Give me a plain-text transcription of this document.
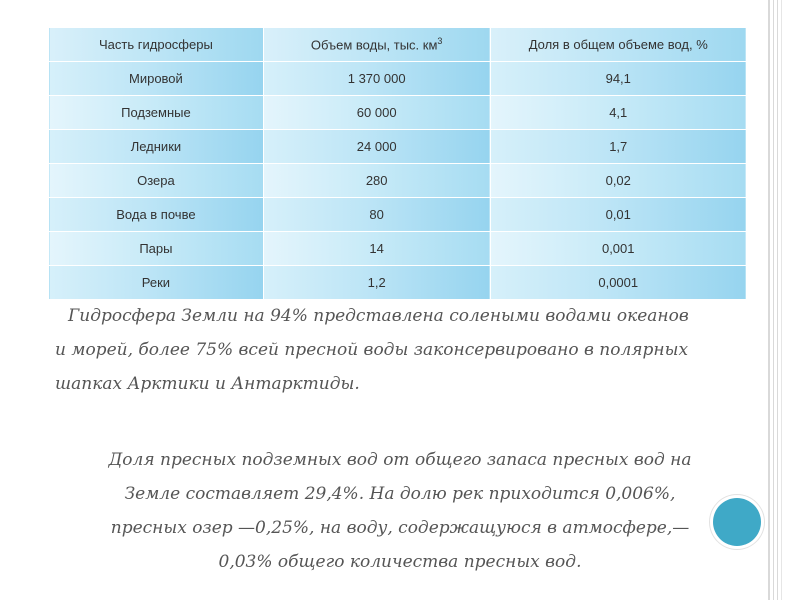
Часть гидросферы	Объем воды, тыс. $км^3$	Доля в общем объеме вод, %
Мировой	1 370 000	94,1
Подземные	60 000	4,1
Ледники	24 000	1,7
Озера	280	0,02
Вода в почве	80	0,01
Пары	14	0,001
Реки	1,2	0,0001

Гидросфера Земли на 94% представлена солеными водами океанов и морей, более 75% всей пресной воды законсервировано в полярных шапках Арктики и Антарктиды.

Доля пресных подземных вод от общего запаса пресных вод на Земле составляет 29,4%. На долю рек приходится 0,006%, пресных озер —0,25%, на воду, содержащуюся в атмосфере,— 0,03% общего количества пресных вод.
